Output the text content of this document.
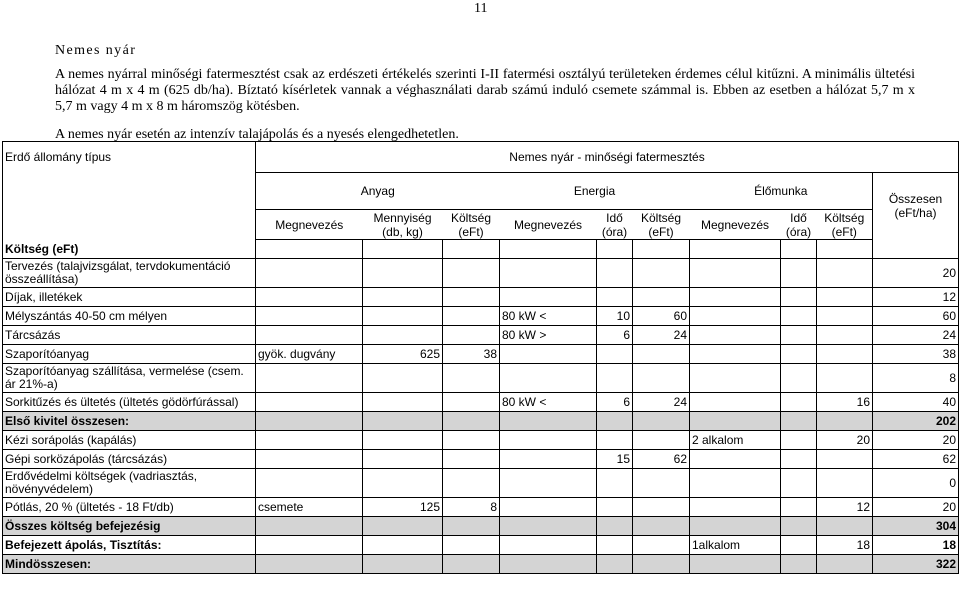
11
Nemes nyár
A nemes nyárral minőségi fatermesztést csak az erdészeti értékelés szerinti I-II fatermési osztályú területeken érdemes célul kitűzni. A minimális ültetési hálózat 4 m x 4 m (625 db/ha). Bíztató kísérletek vannak a véghasználati darab számú induló csemete számmal is. Ebben az esetben a hálózat 5,7 m x 5,7 m vagy 4 m x 8 m háromszög kötésben.
A nemes nyár esetén az intenzív talajápolás és a nyesés elengedhetetlen.
Erdő állomány típus	Nemes nyár - minőségi fatermesztés									
	Anyag			Energia			Élőmunka			Összesen (eFt/ha)
	Megnevezés	Mennyiség (db, kg)	Költség (eFt)	Megnevezés	Idő (óra)	Költség (eFt)	Megnevezés	Idő (óra)	Költség (eFt)	
Költség (eFt)										
Tervezés (talajvizsgálat, tervdokumentáció összeállítása)										20
Díjak, illetékek										12
Mélyszántás 40-50 cm mélyen				80 kW <	10	60				60
Tárcsázás				80 kW >	6	24				24
Szaporítóanyag	gyök. dugvány	625	38							38
Szaporítóanyag szállítása, vermelése (csem. ár 21%-a)										8
Sorkitűzés és ültetés (ültetés gödörfúrással)				80 kW <	6	24			16	40
Első kivitel összesen:										202
Kézi sorápolás (kapálás)							2 alkalom		20	20
Gépi sorközápolás (tárcsázás)					15	62				62
Erdővédelmi költségek (vadriasztás, növényvédelem)										0
Pótlás, 20 % (ültetés - 18 Ft/db)	csemete	125	8						12	20
Összes költség befejezésig										304
Befejezett ápolás, Tisztítás:							1alkalom		18	18
Mindösszesen:										322
